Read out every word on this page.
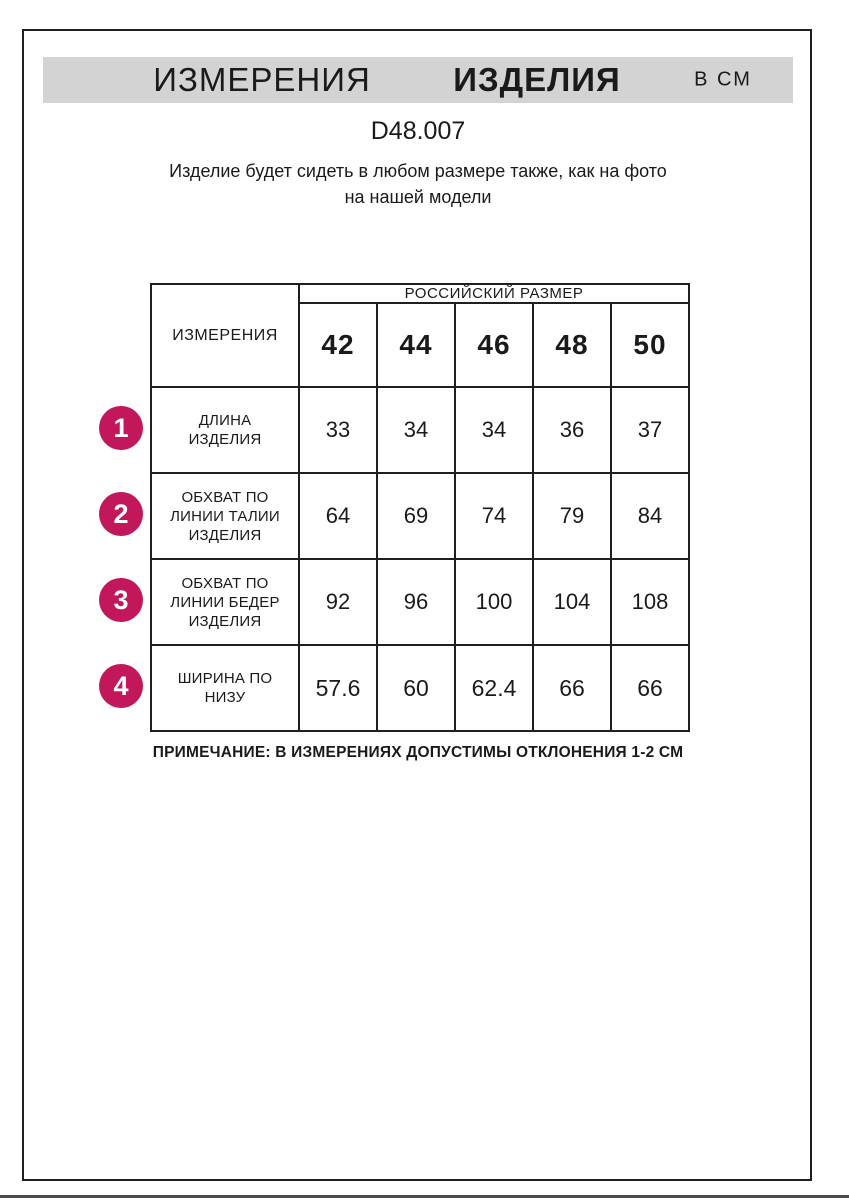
ИЗМЕРЕНИЯ ИЗДЕЛИЯ	В СМ
D48.007
Изделие будет сидеть в любом размере также, как на фото
на нашей модели
ИЗМЕРЕНИЯ	РОССИЙСКИЙ РАЗМЕР				
	42	44	46	48	50
ДЛИНА ИЗДЕЛИЯ	33	34	34	36	37
ОБХВАТ ПО ЛИНИИ ТАЛИИ ИЗДЕЛИЯ	64	69	74	79	84
ОБХВАТ ПО ЛИНИИ БЕДЕР ИЗДЕЛИЯ	92	96	100	104	108
ШИРИНА ПО НИЗУ	57.6	60	62.4	66	66
1
2
3
4
ПРИМЕЧАНИЕ: В ИЗМЕРЕНИЯХ ДОПУСТИМЫ ОТКЛОНЕНИЯ 1-2 СМ
